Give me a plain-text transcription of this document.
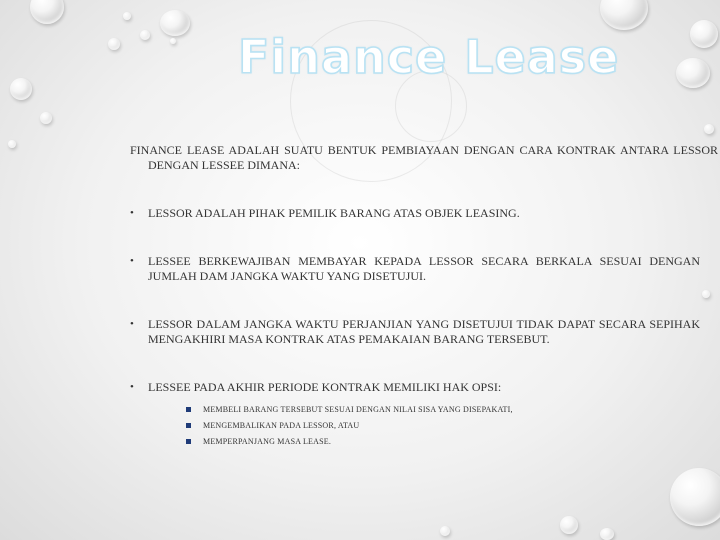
Finance Lease

FINANCE LEASE ADALAH SUATU BENTUK PEMBIAYAAN DENGAN CARA KONTRAK ANTARA LESSOR DENGAN LESSEE DIMANA:

• LESSOR ADALAH PIHAK PEMILIK BARANG ATAS OBJEK LEASING.
• LESSEE BERKEWAJIBAN MEMBAYAR KEPADA LESSOR SECARA BERKALA SESUAI DENGAN JUMLAH DAM JANGKA WAKTU YANG DISETUJUI.
• LESSOR DALAM JANGKA WAKTU PERJANJIAN YANG DISETUJUI TIDAK DAPAT SECARA SEPIHAK MENGAKHIRI MASA KONTRAK ATAS PEMAKAIAN BARANG TERSEBUT.
• LESSEE PADA AKHIR PERIODE KONTRAK MEMILIKI HAK OPSI:
MEMBELI BARANG TERSEBUT SESUAI DENGAN NILAI SISA YANG DISEPAKATI,
MENGEMBALIKAN PADA LESSOR, ATAU
MEMPERPANJANG MASA LEASE.
